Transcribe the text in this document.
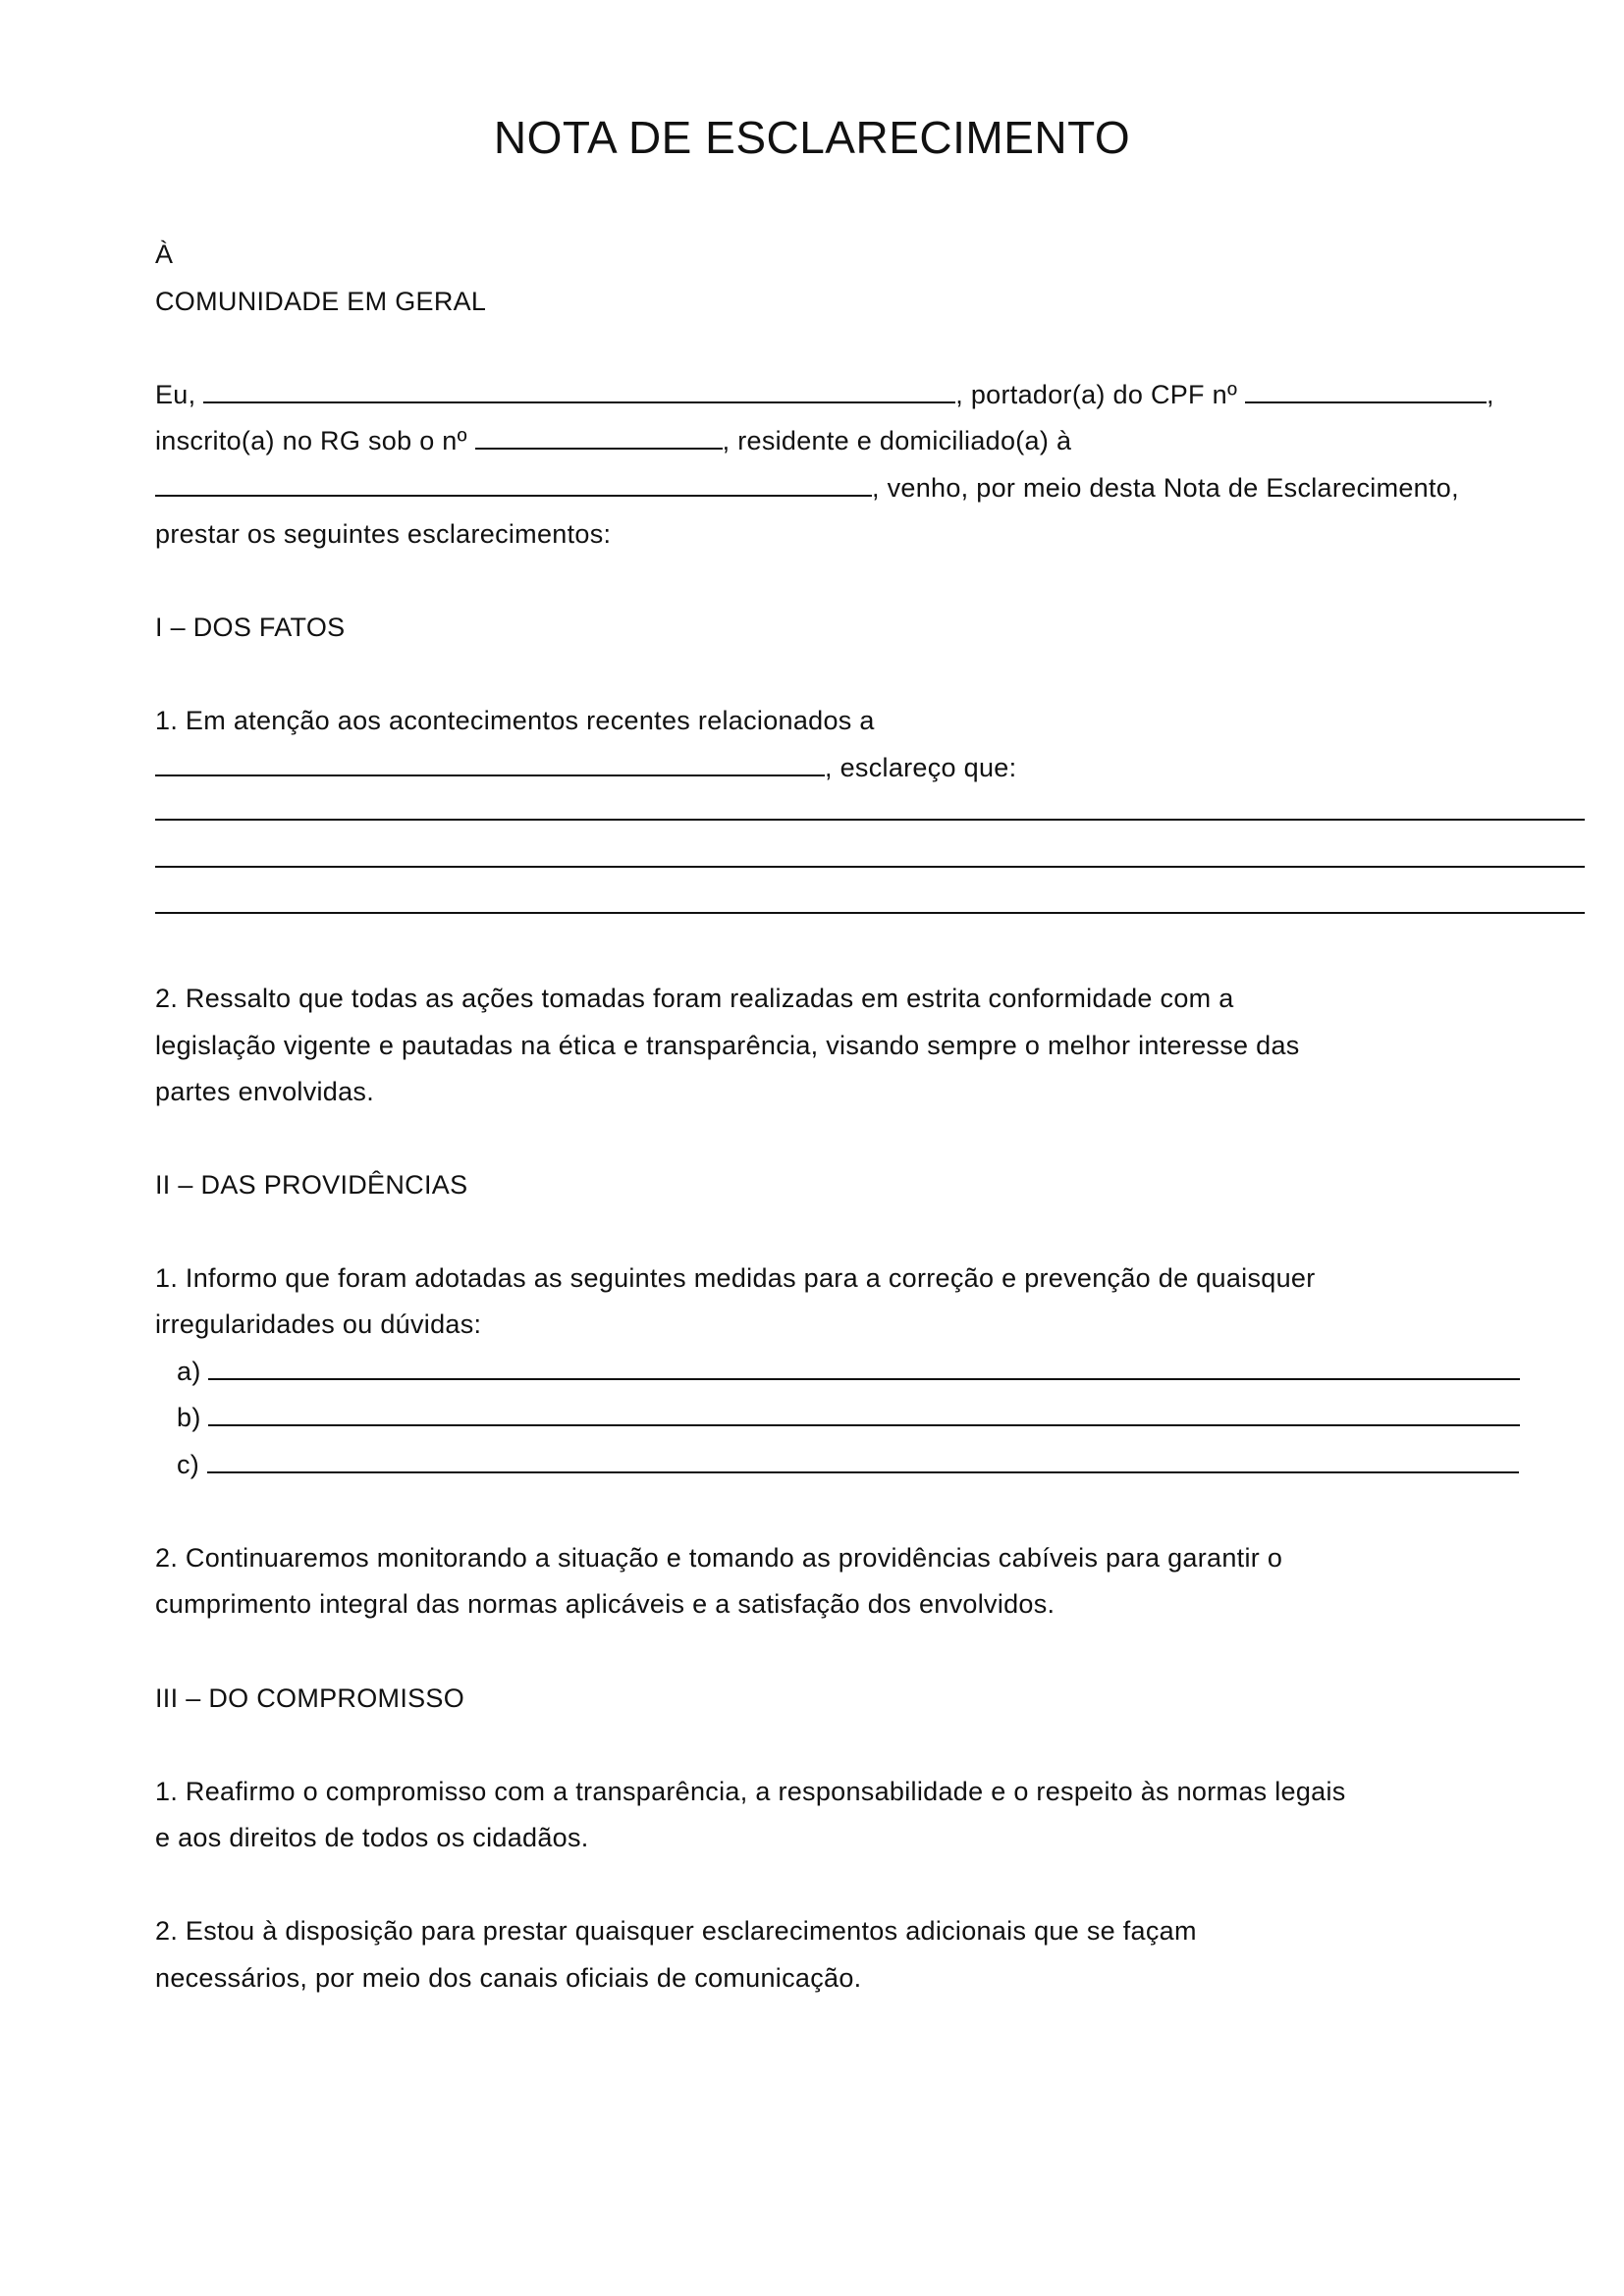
NOTA DE ESCLARECIMENTO
À
COMUNIDADE EM GERAL
Eu,	, portador(a) do CPF nº	,
inscrito(a) no RG sob o nº	, residente e domiciliado(a) à
, venho, por meio desta Nota de Esclarecimento,
prestar os seguintes esclarecimentos:
I – DOS FATOS
1. Em atenção aos acontecimentos recentes relacionados a
, esclareço que:
2. Ressalto que todas as ações tomadas foram realizadas em estrita conformidade com a
legislação vigente e pautadas na ética e transparência, visando sempre o melhor interesse das
partes envolvidas.
II – DAS PROVIDÊNCIAS
1. Informo que foram adotadas as seguintes medidas para a correção e prevenção de quaisquer
irregularidades ou dúvidas:
a)
b)
c)
2. Continuaremos monitorando a situação e tomando as providências cabíveis para garantir o
cumprimento integral das normas aplicáveis e a satisfação dos envolvidos.
III – DO COMPROMISSO
1. Reafirmo o compromisso com a transparência, a responsabilidade e o respeito às normas legais
e aos direitos de todos os cidadãos.
2. Estou à disposição para prestar quaisquer esclarecimentos adicionais que se façam
necessários, por meio dos canais oficiais de comunicação.
